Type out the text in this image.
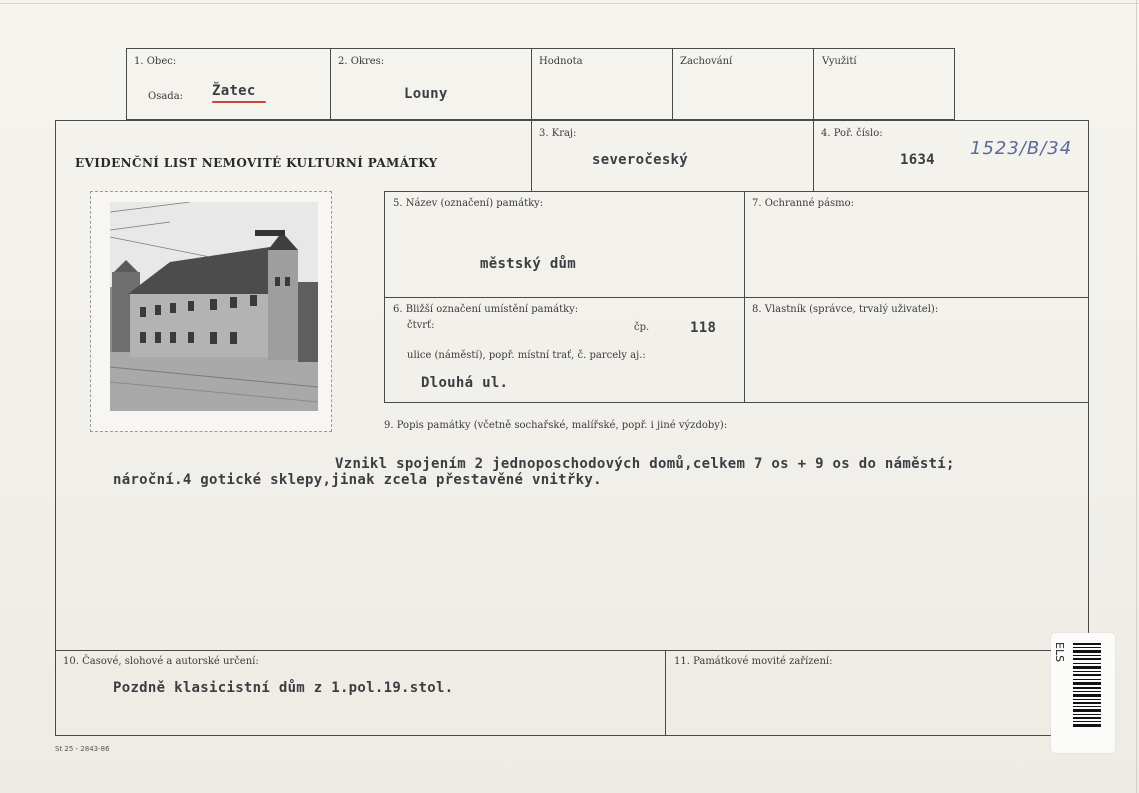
1. Obec:
Osada: Žatec
2. Okres:
Louny
Hodnota	Zachování	Využití
EVIDENČNÍ LIST NEMOVITÉ KULTURNÍ PAMÁTKY
3. Kraj:
severočeský
4. Poř. číslo:
1634
1523/B/34
5. Název (označení) památky:
městský dům
7. Ochranné pásmo:
6. Bližší označení umístění památky:
čtvrť:	čp.	118
ulice (náměstí), popř. místní trať, č. parcely aj.:
Dlouhá ul.
8. Vlastník (správce, trvalý uživatel):
9. Popis památky (včetně sochařské, malířské, popř. i jiné výzdoby):
Vznikl spojením 2 jednoposchodových domů,celkem 7 os + 9 os do náměstí;
nároční.4 gotické sklepy,jinak zcela přestavěné vnitřky.
10. Časové, slohové a autorské určení:
Pozdně klasicistní dům z 1.pol.19.stol.
11. Památkové movité zařízení:	ELS
St 25 - 2843-86
